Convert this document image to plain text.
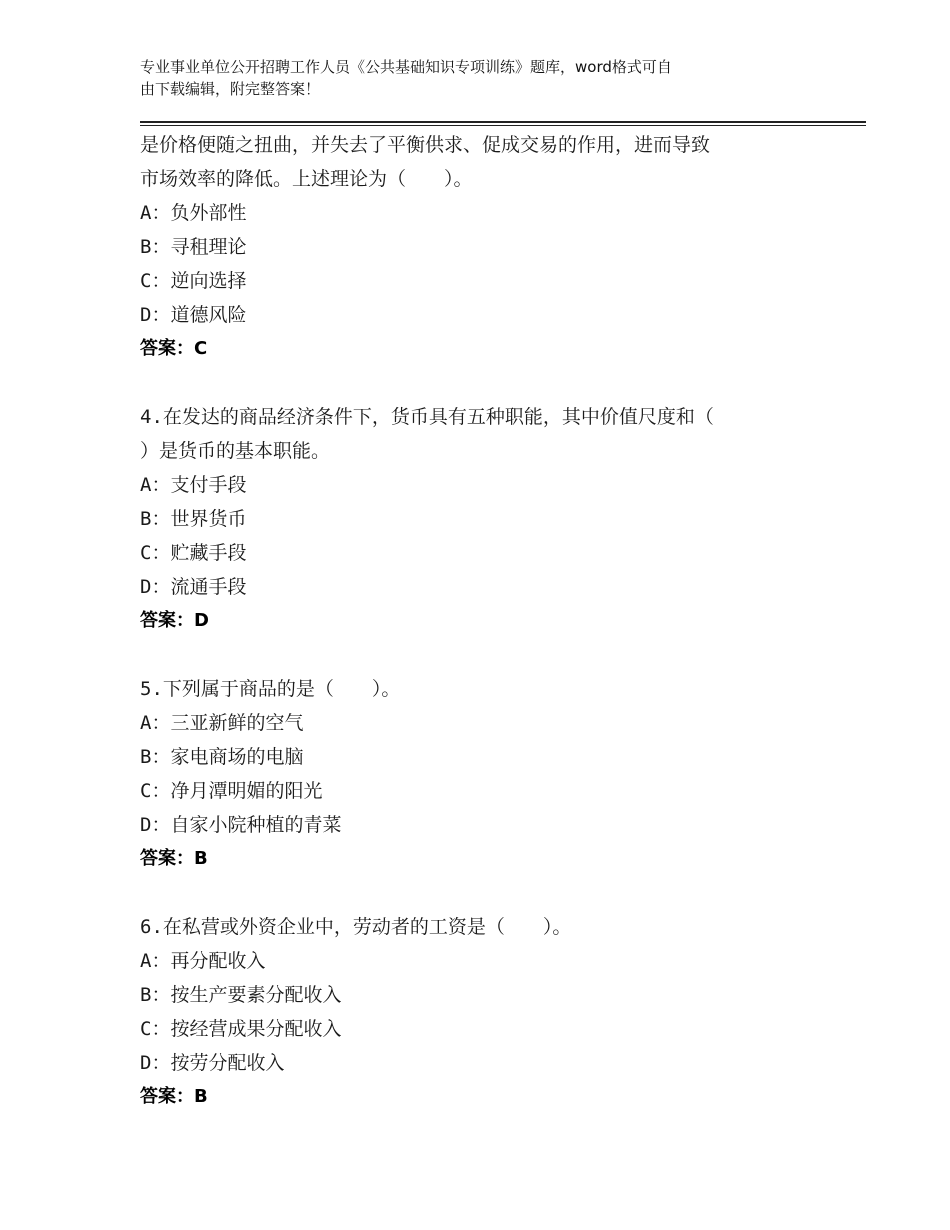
专业事业单位公开招聘工作人员《公共基础知识专项训练》题库，word格式可自
由下载编辑，附完整答案！
是价格便随之扭曲，并失去了平衡供求、促成交易的作用，进而导致
市场效率的降低。上述理论为（　　）。
A：负外部性
B：寻租理论
C：逆向选择
D：道德风险
答案：C
4.在发达的商品经济条件下，货币具有五种职能，其中价值尺度和（
）是货币的基本职能。
A：支付手段
B：世界货币
C：贮藏手段
D：流通手段
答案：D
5.下列属于商品的是（　　）。
A：三亚新鲜的空气
B：家电商场的电脑
C：净月潭明媚的阳光
D：自家小院种植的青菜
答案：B
6.在私营或外资企业中，劳动者的工资是（　　）。
A：再分配收入
B：按生产要素分配收入
C：按经营成果分配收入
D：按劳分配收入
答案：B
